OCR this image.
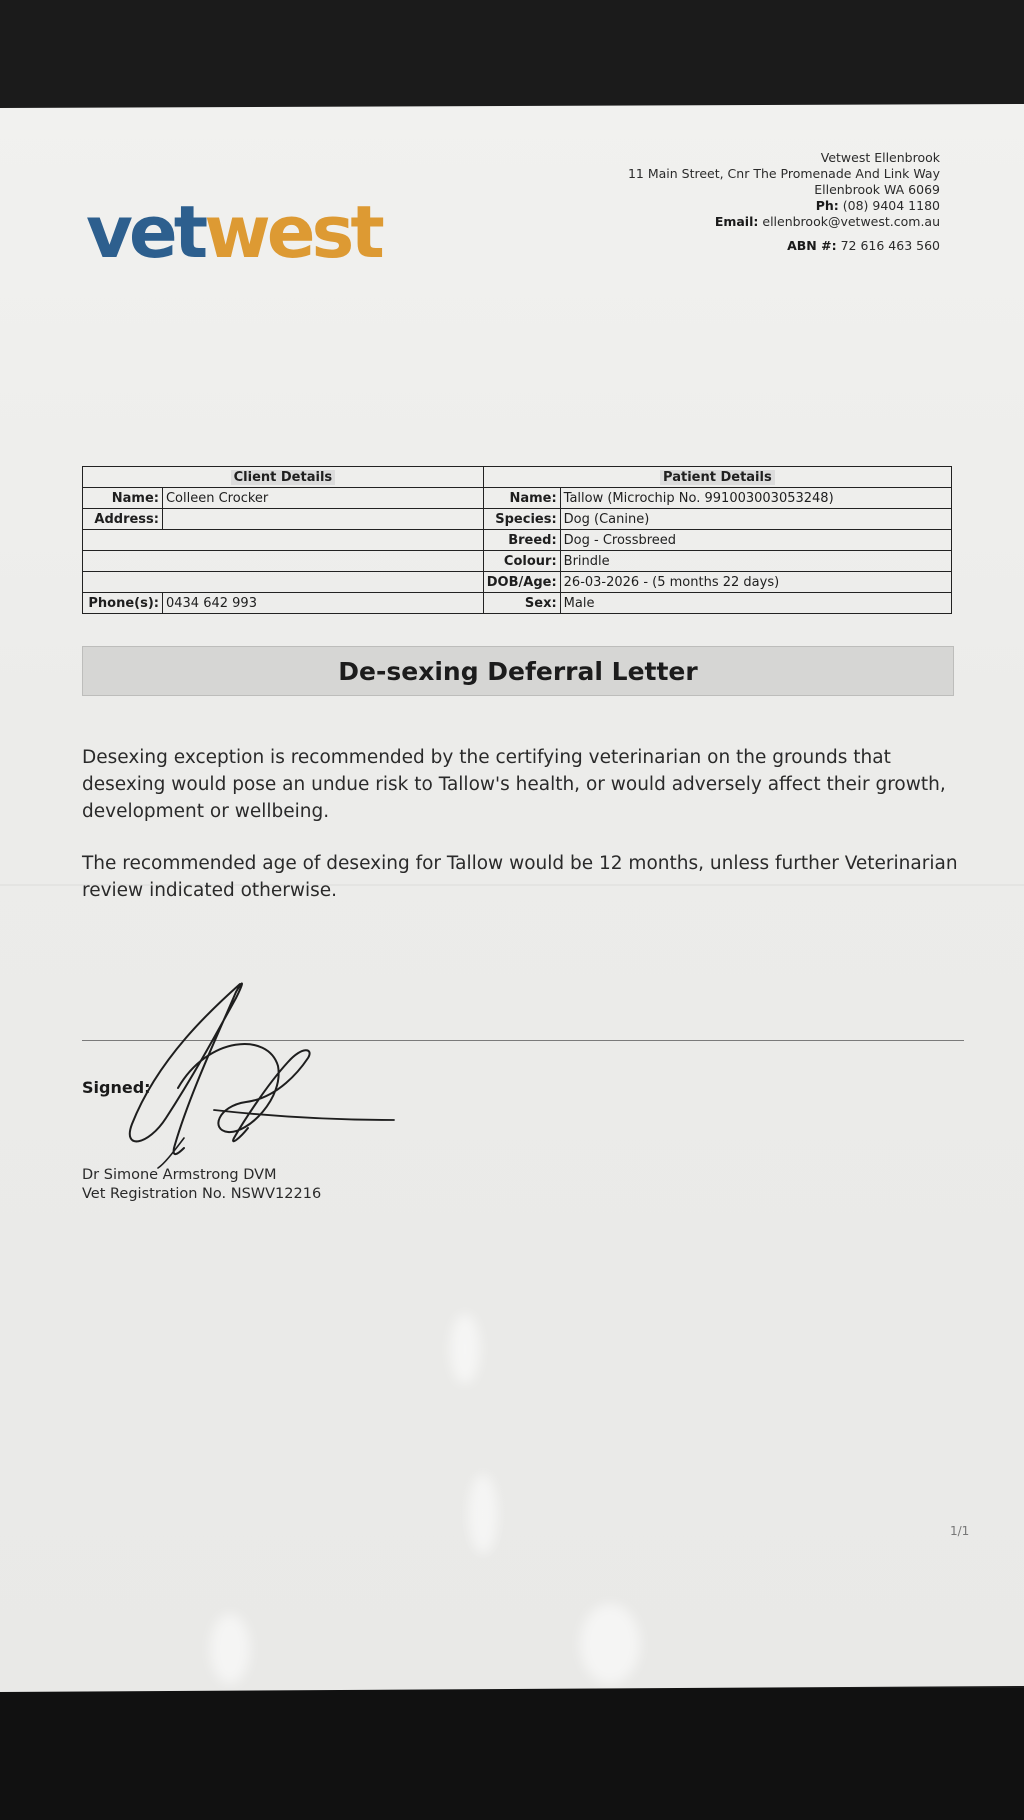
vetwest
Vetwest Ellenbrook
11 Main Street, Cnr The Promenade And Link Way
Ellenbrook WA 6069
Ph: (08) 9404 1180
Email: ellenbrook@vetwest.com.au
ABN #: 72 616 463 560
Client Details		Patient Details	
Name:	Colleen Crocker	Name:	Tallow (Microchip No. 991003003053248)
Address:		Species:	Dog (Canine)
		Breed:	Dog - Crossbreed
		Colour:	Brindle
		DOB/Age:	26-03-2026 - (5 months 22 days)
Phone(s):	0434 642 993	Sex:	Male
De-sexing Deferral Letter

Desexing exception is recommended by the certifying veterinarian on the grounds that desexing would pose an undue risk to Tallow's health, or would adversely affect their growth, development or wellbeing.

The recommended age of desexing for Tallow would be 12 months, unless further Veterinarian review indicated otherwise.

Signed:
Dr Simone Armstrong DVM
Vet Registration No. NSWV12216
1/1
